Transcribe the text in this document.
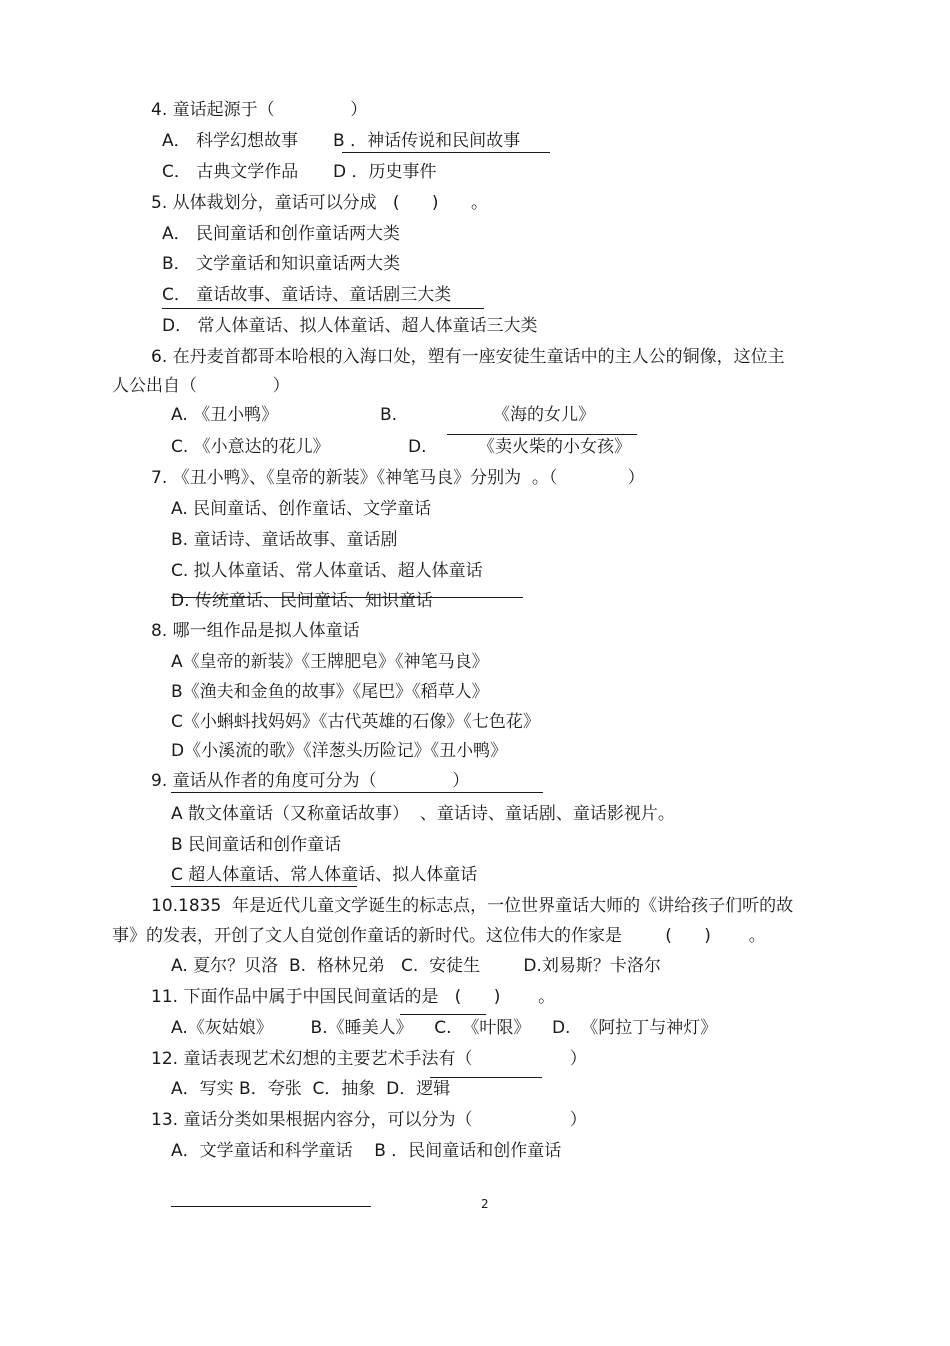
4. 童话起源于（              ）

A． 科学幻想故事 B ．神话传说和民间故事

C． 古典文学作品 D ．历史事件

5. 从体裁划分，童话可以分成   (      )      。

A． 民间童话和创作童话两大类

B． 文学童话和知识童话两大类

C． 童话故事、童话诗、童话剧三大类

D． 常人体童话、拟人体童话、超人体童话三大类

6. 在丹麦首都哥本哈根的入海口处，塑有一座安徒生童话中的主人公的铜像，这位主

人公出自（              ）

A. 《丑小鸭》	B.	《海的女儿》

C. 《小意达的花儿》	D.	《卖火柴的小女孩》

7. 《丑小鸭》、《皇帝的新装》《神笔马良》分别为  。（             ）

A. 民间童话、创作童话、文学童话

B. 童话诗、童话故事、童话剧

C. 拟人体童话、常人体童话、超人体童话

D. 传统童话、民间童话、知识童话

8. 哪一组作品是拟人体童话

A《皇帝的新装》《王牌肥皂》《神笔马良》

B《渔夫和金鱼的故事》《尾巴》《稻草人》

C《小蝌蚪找妈妈》《古代英雄的石像》《七色花》

D《小溪流的歌》《洋葱头历险记》《丑小鸭》

9. 童话从作者的角度可分为（              ）

A 散文体童话（又称童话故事）  、童话诗、童话剧、童话影视片。

B 民间童话和创作童话

C 超人体童话、常人体童话、拟人体童话

10.1835  年是近代儿童文学诞生的标志点，一位世界童话大师的《讲给孩子们听的故

事》的发表，开创了文人自觉创作童话的新时代。这位伟大的作家是        (      )       。

A. 夏尔？贝洛  B.  格林兄弟   C.  安徒生        D.刘易斯？卡洛尔

11. 下面作品中属于中国民间童话的是   (      )       。

A.《灰姑娘》       B.《睡美人》    C.  《叶限》    D.  《阿拉丁与神灯》

12. 童话表现艺术幻想的主要艺术手法有（                  ）

A．写实 B．夸张  C．抽象  D．逻辑

13. 童话分类如果根据内容分，可以分为（                  ）

A．文学童话和科学童话    B ．民间童话和创作童话

2
